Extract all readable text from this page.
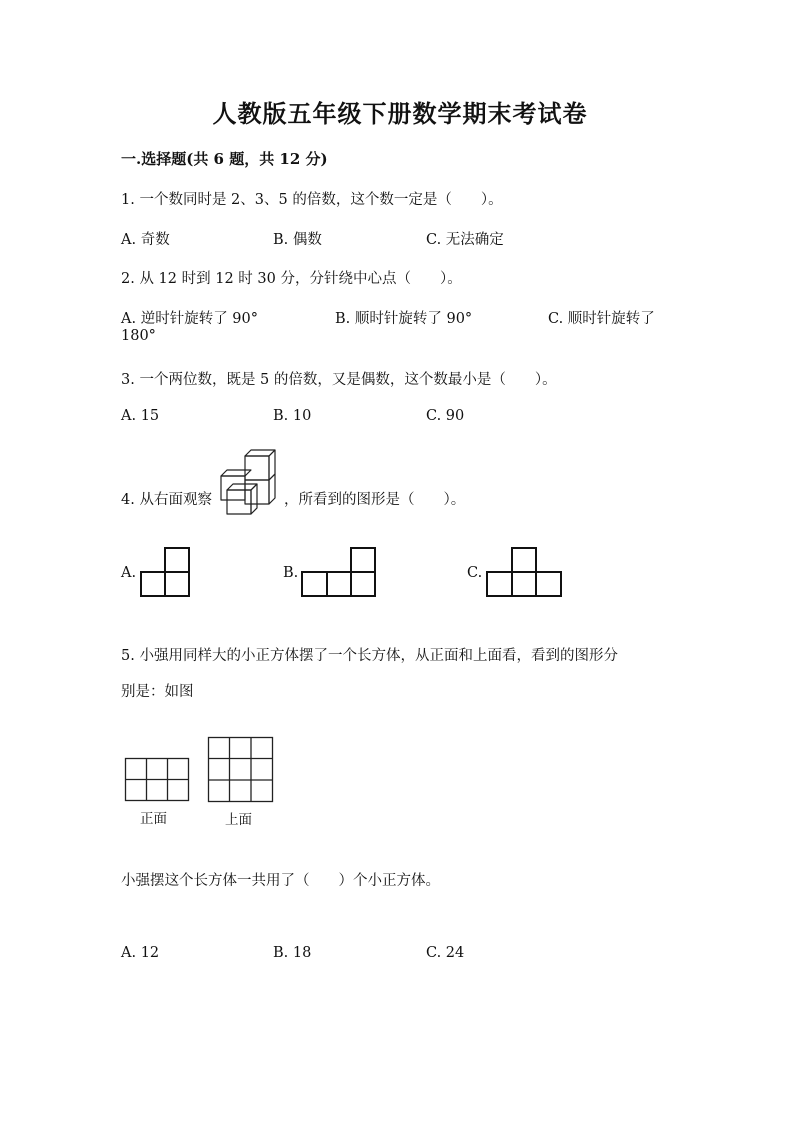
人教版五年级下册数学期末考试卷
一.选择题(共 6 题，共 12 分)
1. 一个数同时是 2、3、5 的倍数，这个数一定是（　　）。
A. 奇数	B. 偶数	C. 无法确定
2. 从 12 时到 12 时 30 分，分针绕中心点（　　）。
A. 逆时针旋转了 90°	B. 顺时针旋转了 90°	C. 顺时针旋转了
180°
3. 一个两位数，既是 5 的倍数，又是偶数，这个数最小是（　　）。
A. 15	B. 10	C. 90
4. 从右面观察	，所看到的图形是（　　）。
A.	B.	C.
5. 小强用同样大的小正方体摆了一个长方体，从正面和上面看，看到的图形分
别是：如图
正面	上面
小强摆这个长方体一共用了（　　）个小正方体。
A. 12	B. 18	C. 24
